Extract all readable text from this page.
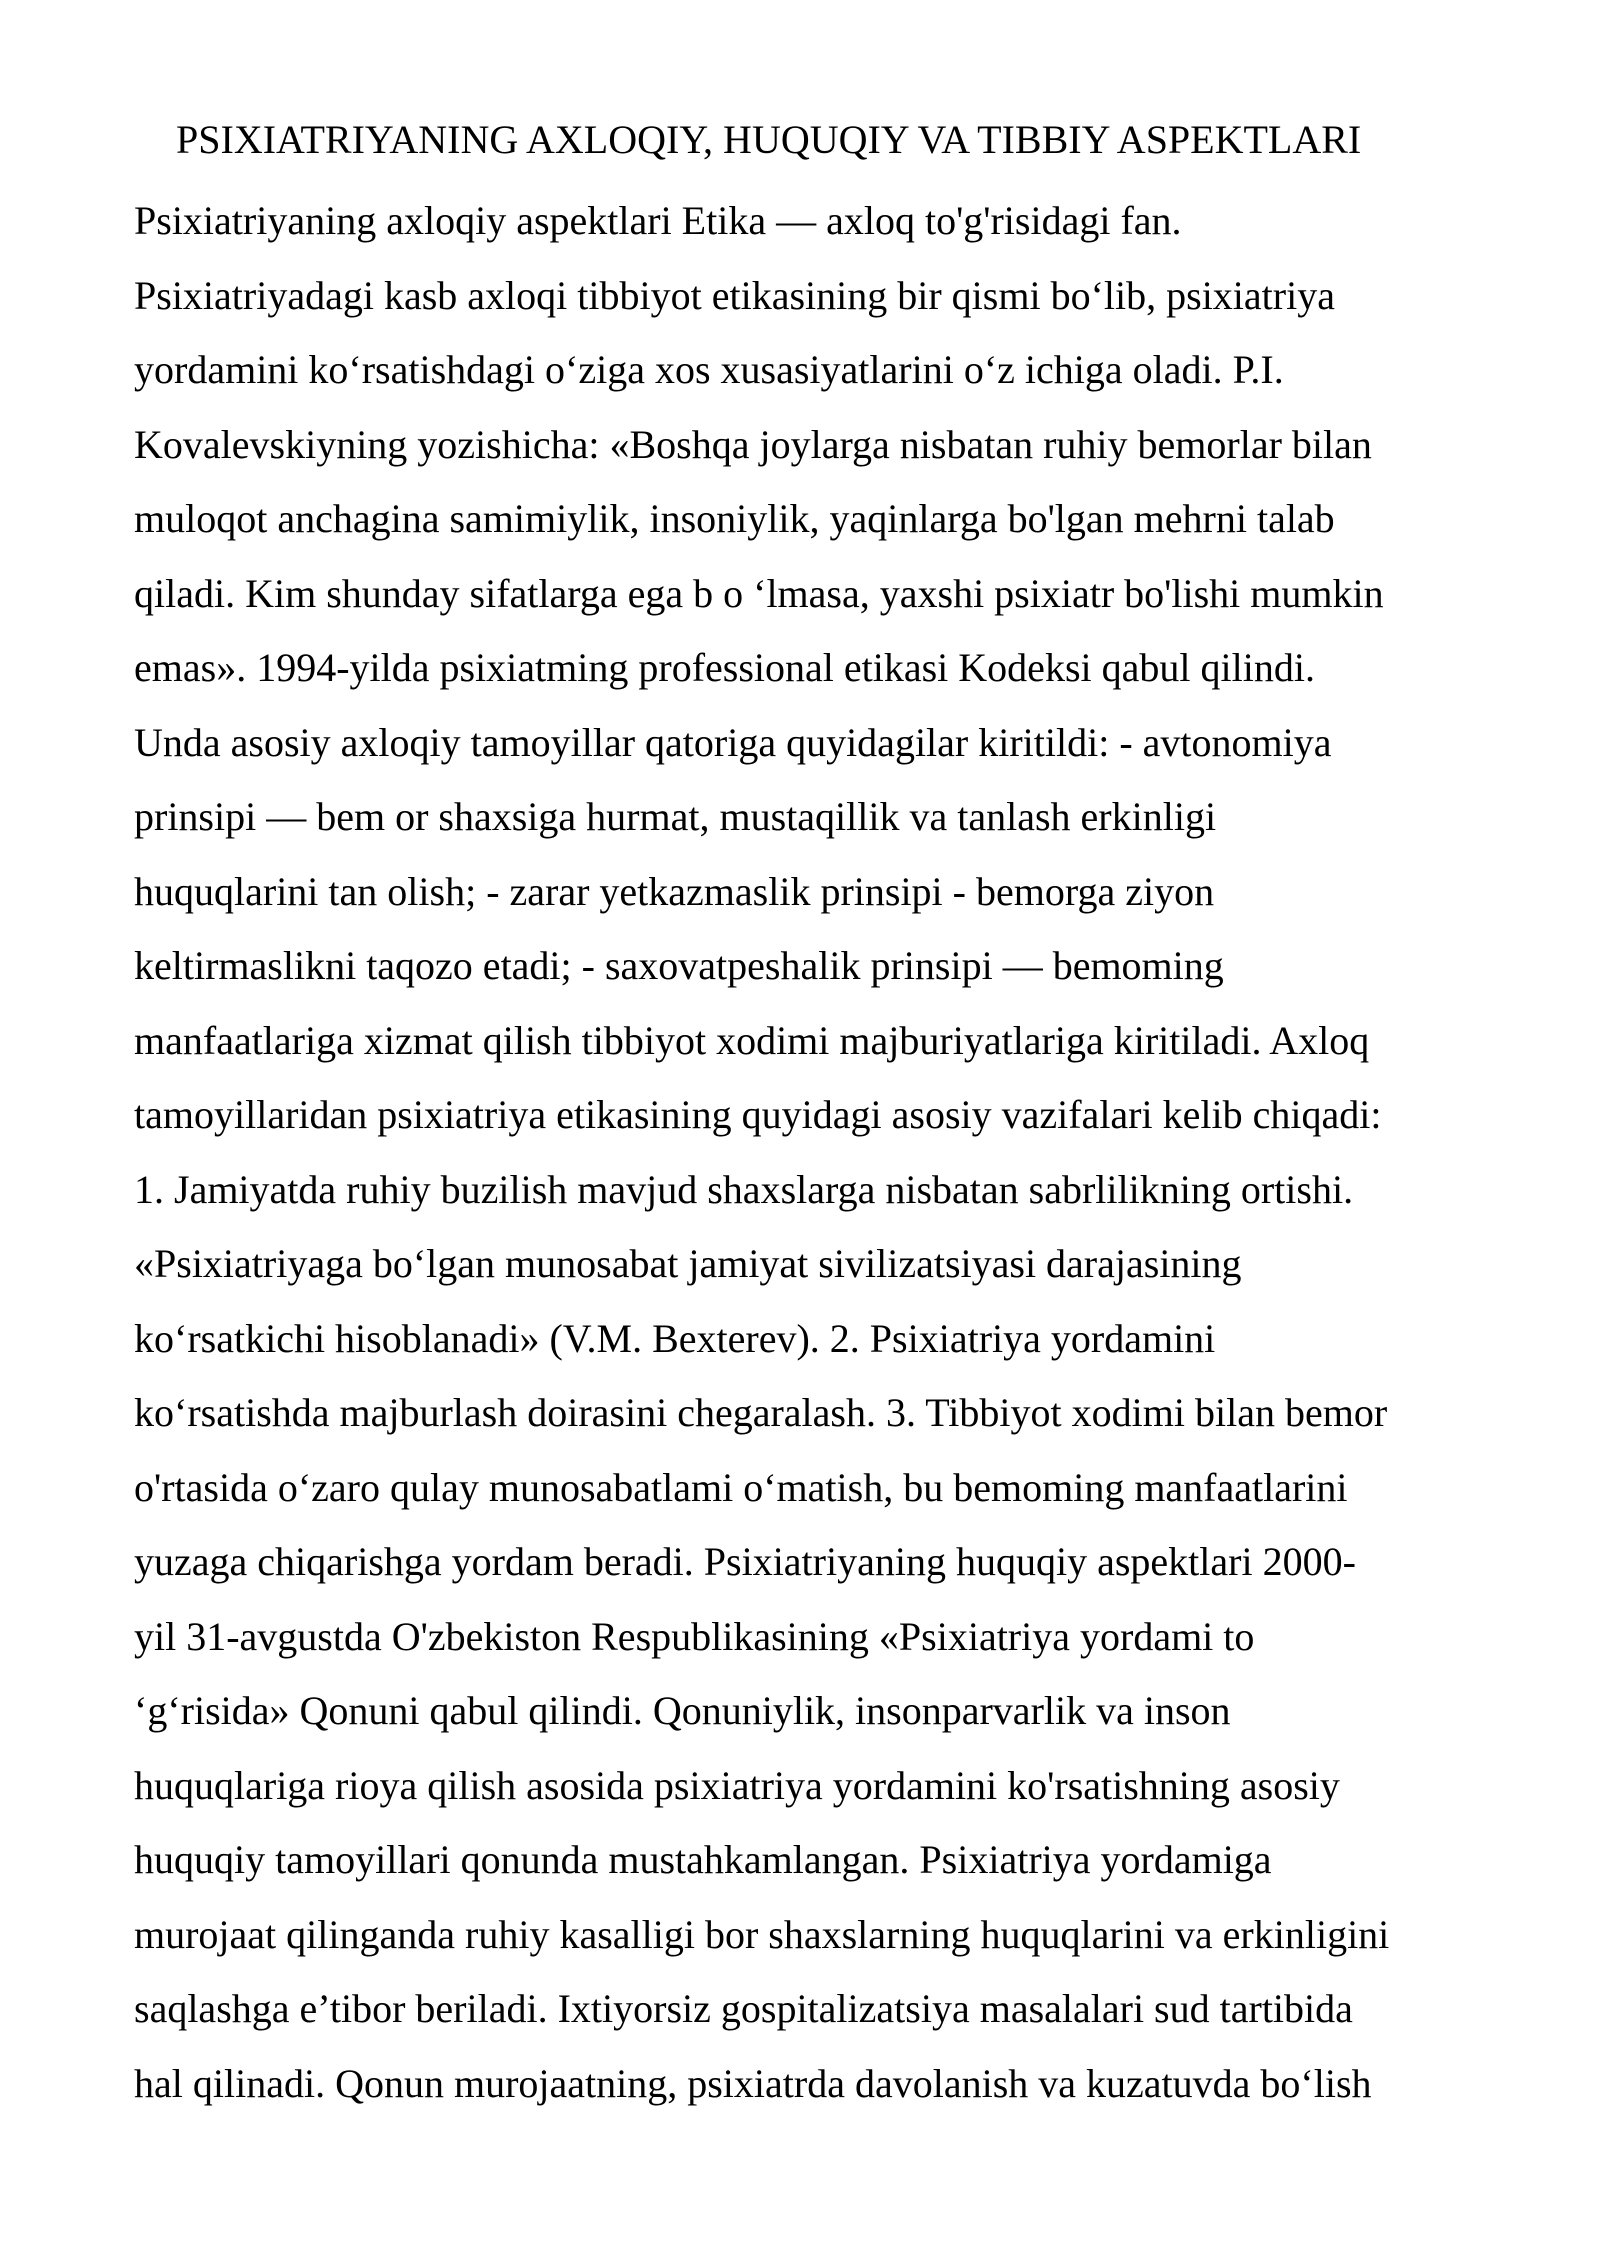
PSIXIATRIYANING AXLOQIY, HUQUQIY VA TIBBIY ASPEKTLARI
Psixiatriyaning axloqiy aspektlari Etika — axloq to'g'risidagi fan.
Psixiatriyadagi kasb axloqi tibbiyot etikasining bir qismi bo‘lib, psixiatriya
yordamini ko‘rsatishdagi o‘ziga xos xusasiyatlarini o‘z ichiga oladi. P.I.
Kovalevskiyning yozishicha: «Boshqa joylarga nisbatan ruhiy bemorlar bilan
muloqot anchagina samimiylik, insoniylik, yaqinlarga bo'lgan mehrni talab
qiladi. Kim shunday sifatlarga ega b o ‘lmasa, yaxshi psixiatr bo'lishi mumkin
emas». 1994-yilda psixiatming professional etikasi Kodeksi qabul qilindi.
Unda asosiy axloqiy tamoyillar qatoriga quyidagilar kiritildi: - avtonomiya
prinsipi — bem or shaxsiga hurmat, mustaqillik va tanlash erkinligi
huquqlarini tan olish; - zarar yetkazmaslik prinsipi - bemorga ziyon
keltirmaslikni taqozo etadi; - saxovatpeshalik prinsipi — bemoming
manfaatlariga xizmat qilish tibbiyot xodimi majburiyatlariga kiritiladi. Axloq
tamoyillaridan psixiatriya etikasining quyidagi asosiy vazifalari kelib chiqadi:
1. Jamiyatda ruhiy buzilish mavjud shaxslarga nisbatan sabrlilikning ortishi.
«Psixiatriyaga bo‘lgan munosabat jamiyat sivilizatsiyasi darajasining
ko‘rsatkichi hisoblanadi» (V.M. Bexterev). 2. Psixiatriya yordamini
ko‘rsatishda majburlash doirasini chegaralash. 3. Tibbiyot xodimi bilan bemor
o'rtasida o‘zaro qulay munosabatlami o‘matish, bu bemoming manfaatlarini
yuzaga chiqarishga yordam beradi. Psixiatriyaning huquqiy aspektlari 2000-
yil 31-avgustda O'zbekiston Respublikasining «Psixiatriya yordami to
‘g‘risida» Qonuni qabul qilindi. Qonuniylik, insonparvarlik va inson
huquqlariga rioya qilish asosida psixiatriya yordamini ko'rsatishning asosiy
huquqiy tamoyillari qonunda mustahkamlangan. Psixiatriya yordamiga
murojaat qilinganda ruhiy kasalligi bor shaxslarning huquqlarini va erkinligini
saqlashga e’tibor beriladi. Ixtiyorsiz gospitalizatsiya masalalari sud tartibida
hal qilinadi. Qonun murojaatning, psixiatrda davolanish va kuzatuvda bo‘lish
